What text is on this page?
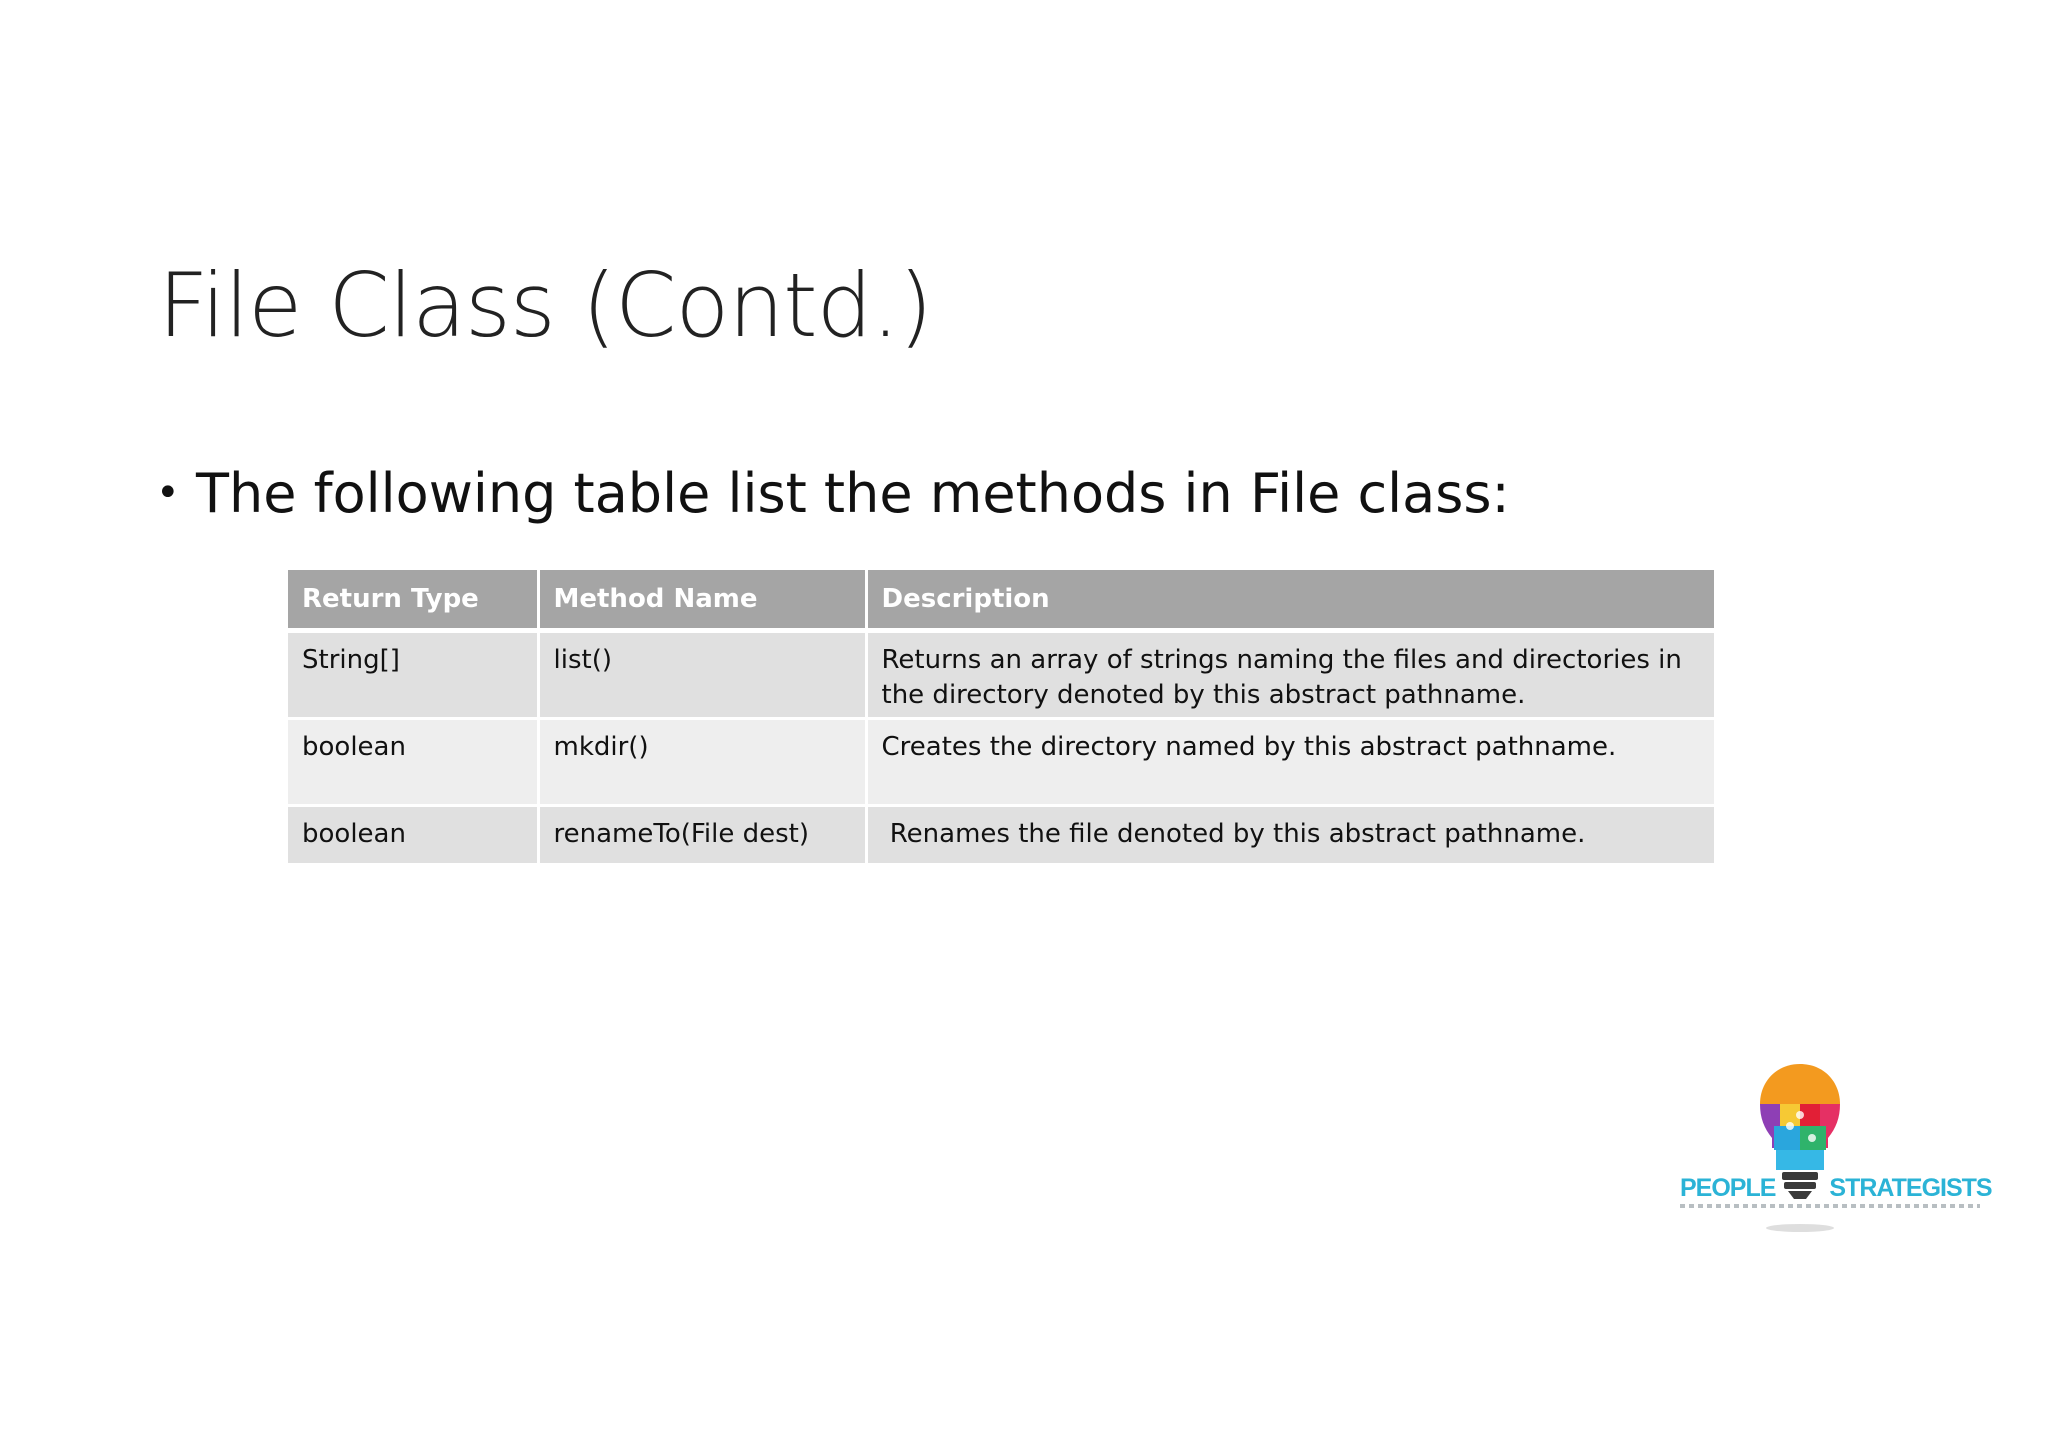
File Class (Contd.)
• The following table list the methods in File class:
Return Type	Method Name	Description
String[]	list()	Returns an array of strings naming the files and directories in the directory denoted by this abstract pathname.
boolean	mkdir()	Creates the directory named by this abstract pathname.
boolean	renameTo(File dest)	Renames the file denoted by this abstract pathname.
PEOPLE STRATEGISTS
